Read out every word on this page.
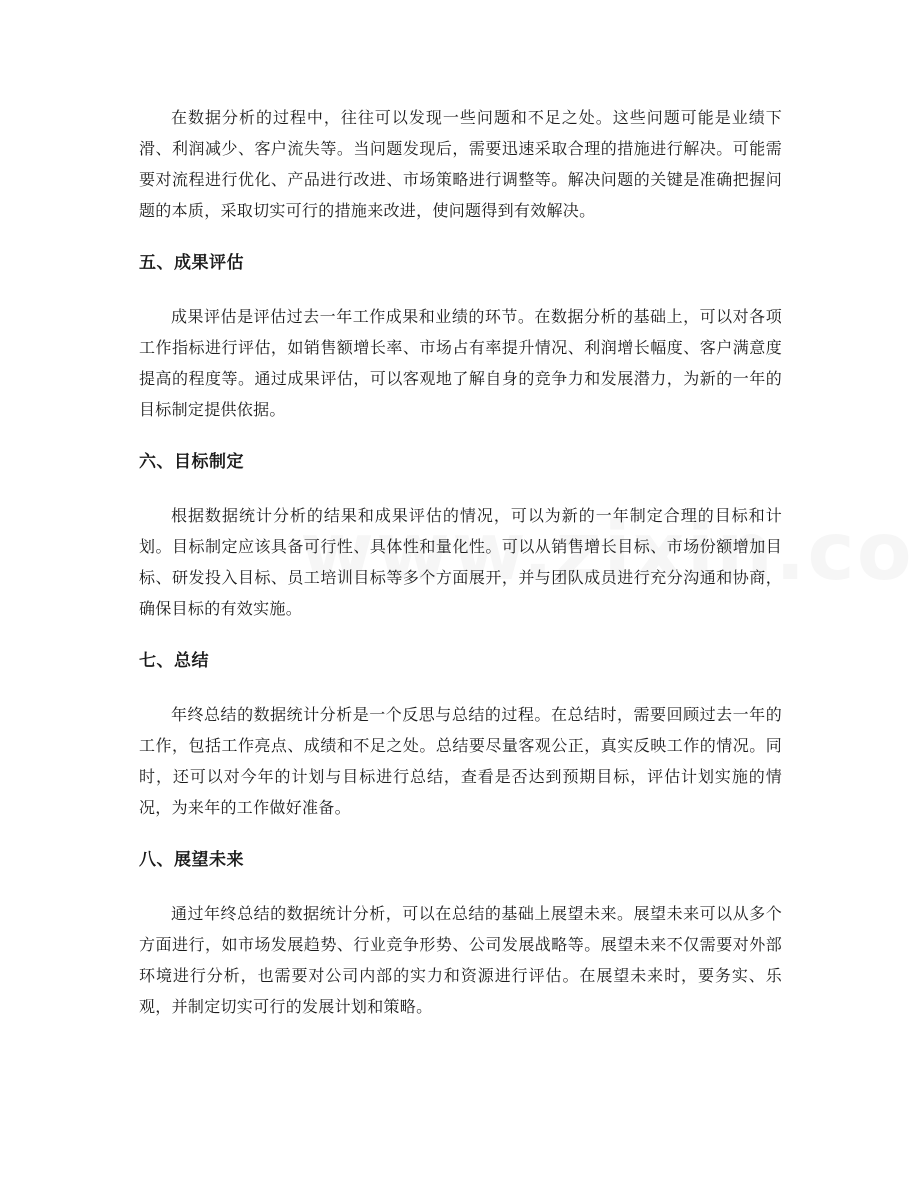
在数据分析的过程中，往往可以发现一些问题和不足之处。这些问题可能是业绩下滑、利润减少、客户流失等。当问题发现后，需要迅速采取合理的措施进行解决。可能需要对流程进行优化、产品进行改进、市场策略进行调整等。解决问题的关键是准确把握问题的本质，采取切实可行的措施来改进，使问题得到有效解决。

五、成果评估

成果评估是评估过去一年工作成果和业绩的环节。在数据分析的基础上，可以对各项工作指标进行评估，如销售额增长率、市场占有率提升情况、利润增长幅度、客户满意度提高的程度等。通过成果评估，可以客观地了解自身的竞争力和发展潜力，为新的一年的目标制定提供依据。

六、目标制定

根据数据统计分析的结果和成果评估的情况，可以为新的一年制定合理的目标和计划。目标制定应该具备可行性、具体性和量化性。可以从销售增长目标、市场份额增加目标、研发投入目标、员工培训目标等多个方面展开，并与团队成员进行充分沟通和协商，确保目标的有效实施。

七、总结

年终总结的数据统计分析是一个反思与总结的过程。在总结时，需要回顾过去一年的工作，包括工作亮点、成绩和不足之处。总结要尽量客观公正，真实反映工作的情况。同时，还可以对今年的计划与目标进行总结，查看是否达到预期目标，评估计划实施的情况，为来年的工作做好准备。

八、展望未来

通过年终总结的数据统计分析，可以在总结的基础上展望未来。展望未来可以从多个方面进行，如市场发展趋势、行业竞争形势、公司发展战略等。展望未来不仅需要对外部环境进行分析，也需要对公司内部的实力和资源进行评估。在展望未来时，要务实、乐观，并制定切实可行的发展计划和策略。
